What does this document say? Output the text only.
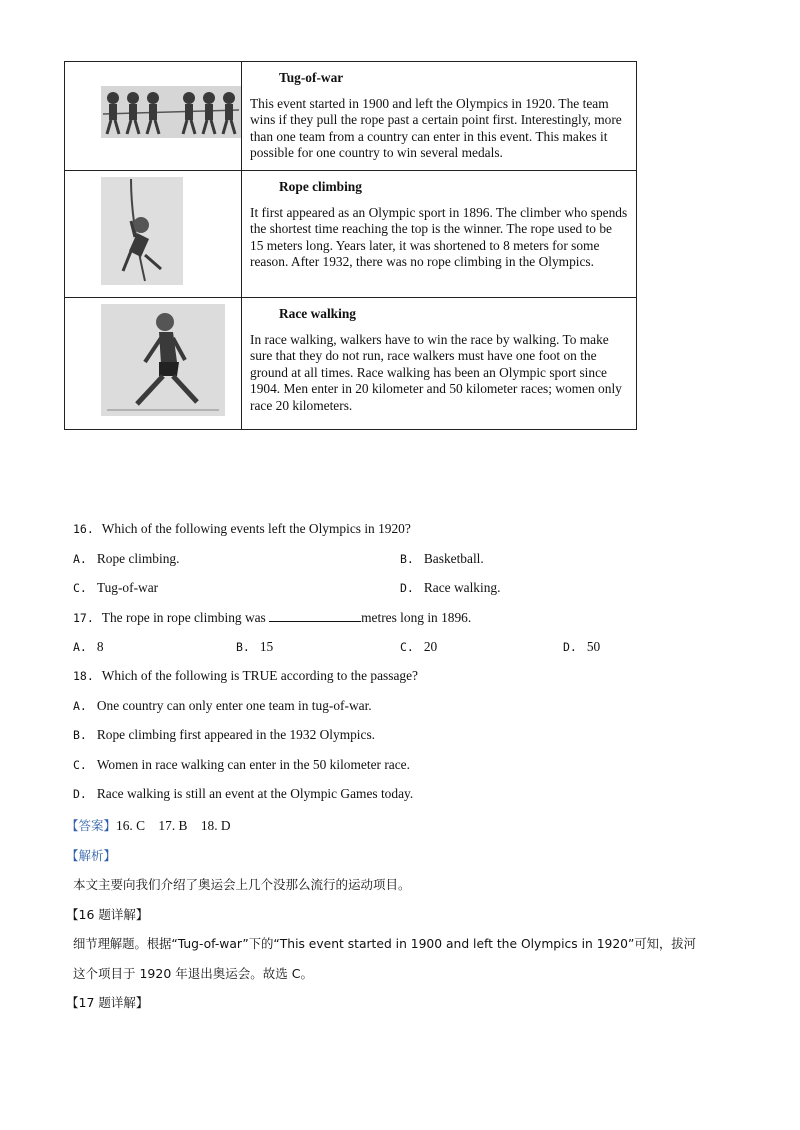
Tug-of-war
This event started in 1900 and left the Olympics in 1920. The team wins if they pull the rope past a certain point first. Interestingly, more than one team from a country can enter in this event. This makes it possible for one country to win several medals.

Rope climbing
It first appeared as an Olympic sport in 1896. The climber who spends the shortest time reaching the top is the winner. The rope used to be 15 meters long. Years later, it was shortened to 8 meters for some reason. After 1932, there was no rope climbing in the Olympics.

Race walking
In race walking, walkers have to win the race by walking. To make sure that they do not run, race walkers must have one foot on the ground at all times. Race walking has been an Olympic sport since 1904. Men enter in 20 kilometer and 50 kilometer races; women only race 20 kilometers.
16. Which of the following events left the Olympics in 1920?
A. Rope climbing.	B. Basketball.
C. Tug-of-war	D. Race walking.
17. The rope in rope climbing was	metres long in 1896.
A. 8	B. 15	C. 20	D. 50
18. Which of the following is TRUE according to the passage?
A. One country can only enter one team in tug-of-war.
B. Rope climbing first appeared in the 1932 Olympics.
C. Women in race walking can enter in the 50 kilometer race.
D. Race walking is still an event at the Olympic Games today.
【答案】16. C    17. B    18. D
【解析】
本文主要向我们介绍了奥运会上几个没那么流行的运动项目。
【16 题详解】
细节理解题。根据“Tug-of-war”下的“This event started in 1900 and left the Olympics in 1920”可知，拔河
这个项目于 1920 年退出奥运会。故选 C。
【17 题详解】
